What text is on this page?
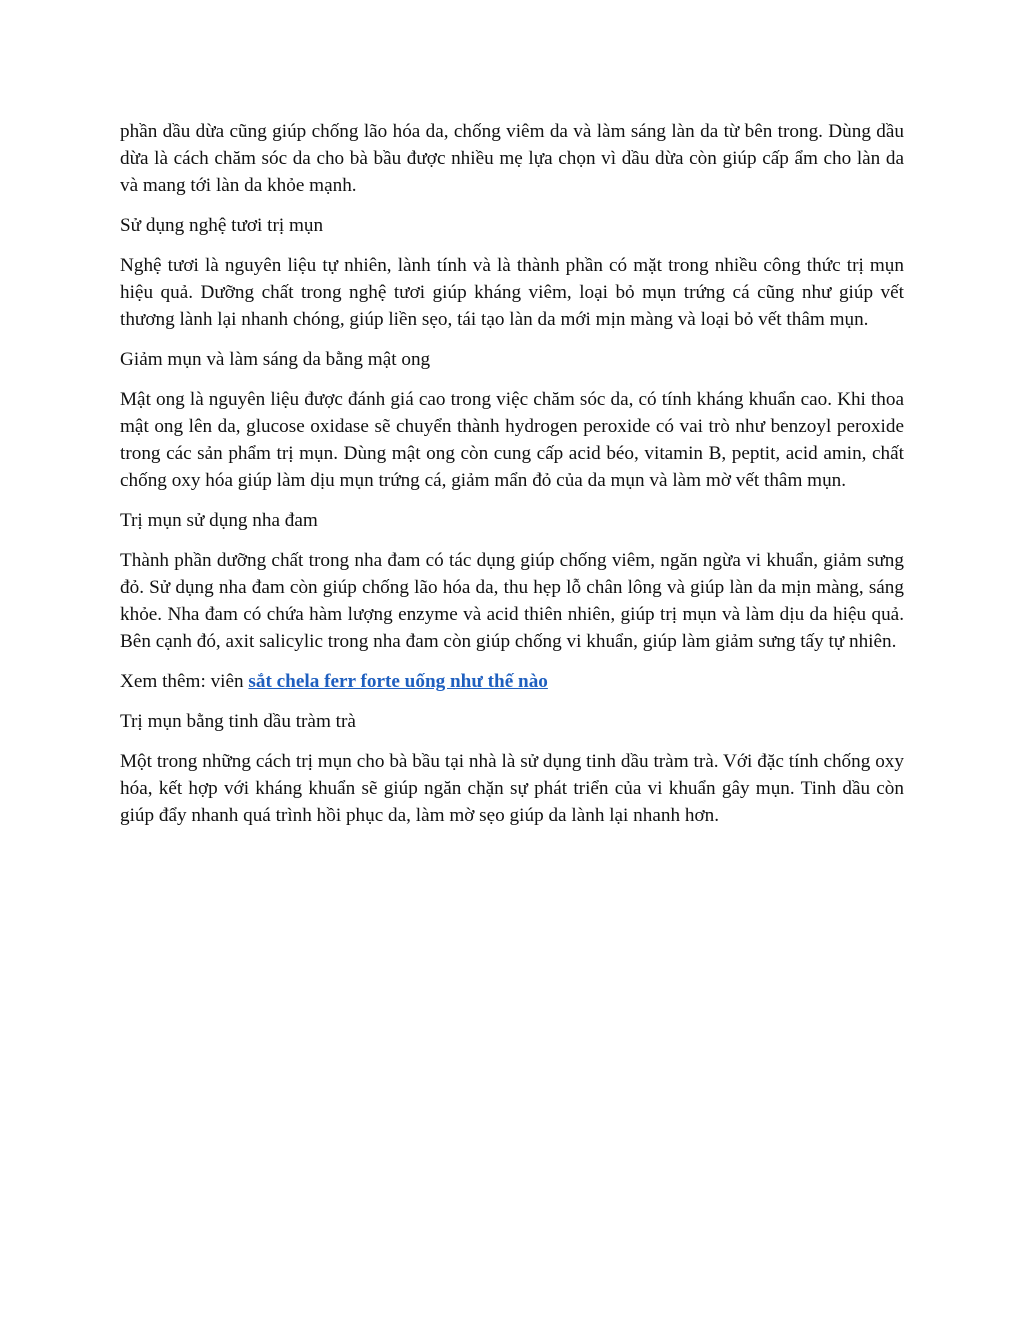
phần dầu dừa cũng giúp chống lão hóa da, chống viêm da và làm sáng làn da từ bên trong. Dùng dầu dừa là cách chăm sóc da cho bà bầu được nhiều mẹ lựa chọn vì dầu dừa còn giúp cấp ẩm cho làn da và mang tới làn da khỏe mạnh.

Sử dụng nghệ tươi trị mụn

Nghệ tươi là nguyên liệu tự nhiên, lành tính và là thành phần có mặt trong nhiều công thức trị mụn hiệu quả. Dưỡng chất trong nghệ tươi giúp kháng viêm, loại bỏ mụn trứng cá cũng như giúp vết thương lành lại nhanh chóng, giúp liền sẹo, tái tạo làn da mới mịn màng và loại bỏ vết thâm mụn.

Giảm mụn và làm sáng da bằng mật ong

Mật ong là nguyên liệu được đánh giá cao trong việc chăm sóc da, có tính kháng khuẩn cao. Khi thoa mật ong lên da, glucose oxidase sẽ chuyển thành hydrogen peroxide có vai trò như benzoyl peroxide trong các sản phẩm trị mụn. Dùng mật ong còn cung cấp acid béo, vitamin B, peptit, acid amin, chất chống oxy hóa giúp làm dịu mụn trứng cá, giảm mẩn đỏ của da mụn và làm mờ vết thâm mụn.

Trị mụn sử dụng nha đam

Thành phần dưỡng chất trong nha đam có tác dụng giúp chống viêm, ngăn ngừa vi khuẩn, giảm sưng đỏ. Sử dụng nha đam còn giúp chống lão hóa da, thu hẹp lỗ chân lông và giúp làn da mịn màng, sáng khỏe. Nha đam có chứa hàm lượng enzyme và acid thiên nhiên, giúp trị mụn và làm dịu da hiệu quả. Bên cạnh đó, axit salicylic trong nha đam còn giúp chống vi khuẩn, giúp làm giảm sưng tấy tự nhiên.

Xem thêm: viên sắt chela ferr forte uống như thế nào

Trị mụn bằng tinh dầu tràm trà

Một trong những cách trị mụn cho bà bầu tại nhà là sử dụng tinh dầu tràm trà. Với đặc tính chống oxy hóa, kết hợp với kháng khuẩn sẽ giúp ngăn chặn sự phát triển của vi khuẩn gây mụn. Tinh dầu còn giúp đẩy nhanh quá trình hồi phục da, làm mờ sẹo giúp da lành lại nhanh hơn.
